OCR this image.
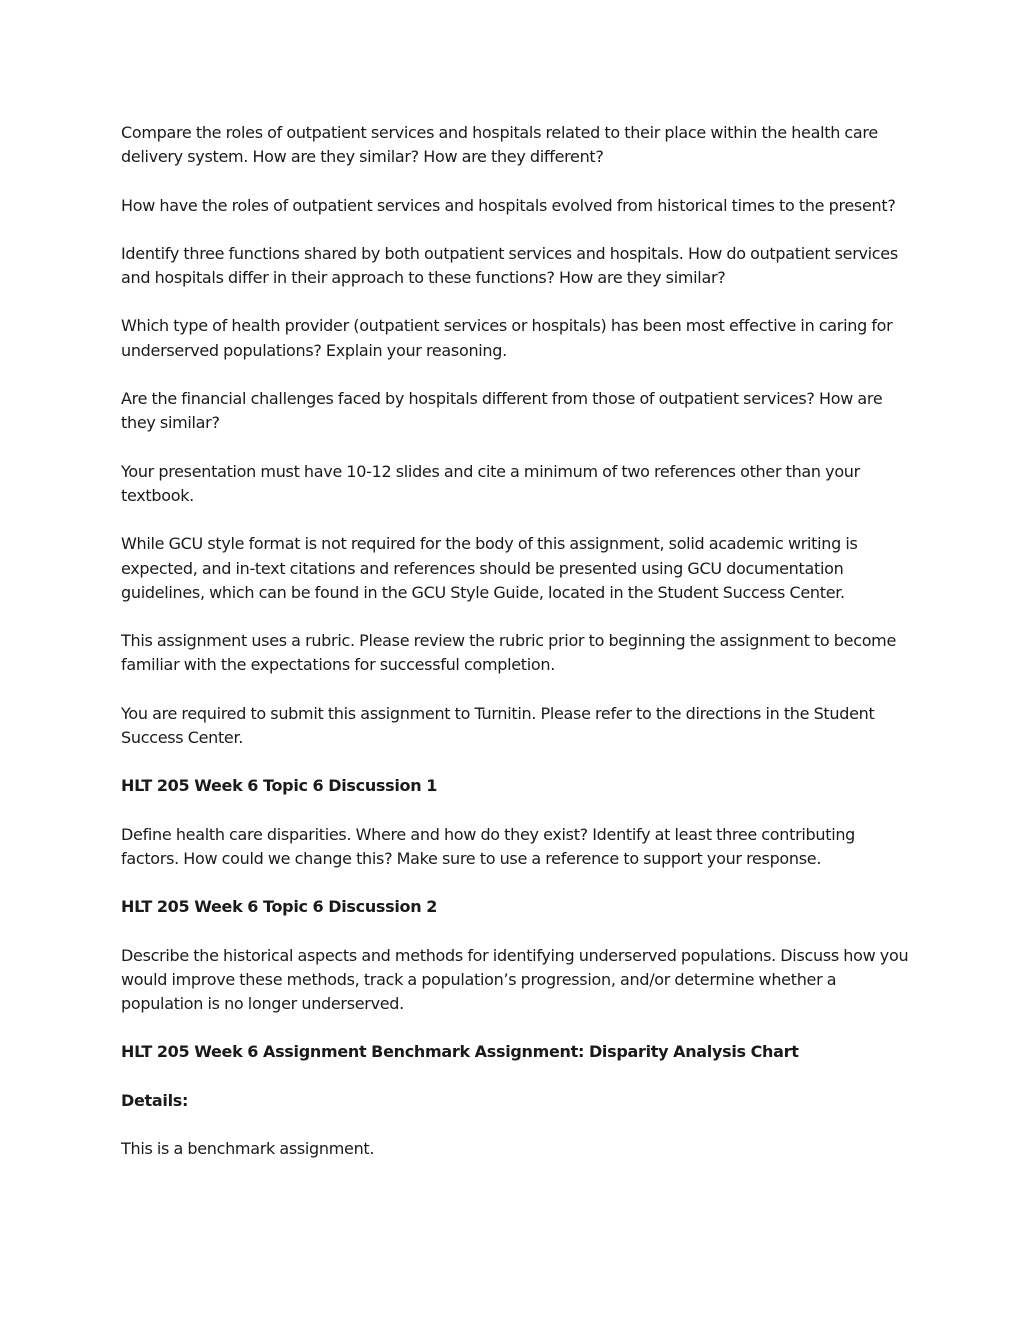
Compare the roles of outpatient services and hospitals related to their place within the health care delivery system. How are they similar? How are they different?

How have the roles of outpatient services and hospitals evolved from historical times to the present?

Identify three functions shared by both outpatient services and hospitals. How do outpatient services and hospitals differ in their approach to these functions? How are they similar?

Which type of health provider (outpatient services or hospitals) has been most effective in caring for underserved populations? Explain your reasoning.

Are the financial challenges faced by hospitals different from those of outpatient services? How are they similar?

Your presentation must have 10-12 slides and cite a minimum of two references other than your textbook.

While GCU style format is not required for the body of this assignment, solid academic writing is expected, and in-text citations and references should be presented using GCU documentation guidelines, which can be found in the GCU Style Guide, located in the Student Success Center.

This assignment uses a rubric. Please review the rubric prior to beginning the assignment to become familiar with the expectations for successful completion.

You are required to submit this assignment to Turnitin. Please refer to the directions in the Student Success Center.

HLT 205 Week 6 Topic 6 Discussion 1

Define health care disparities. Where and how do they exist? Identify at least three contributing factors. How could we change this? Make sure to use a reference to support your response.

HLT 205 Week 6 Topic 6 Discussion 2

Describe the historical aspects and methods for identifying underserved populations. Discuss how you would improve these methods, track a population’s progression, and/or determine whether a population is no longer underserved.

HLT 205 Week 6 Assignment Benchmark Assignment: Disparity Analysis Chart

Details:

This is a benchmark assignment.
